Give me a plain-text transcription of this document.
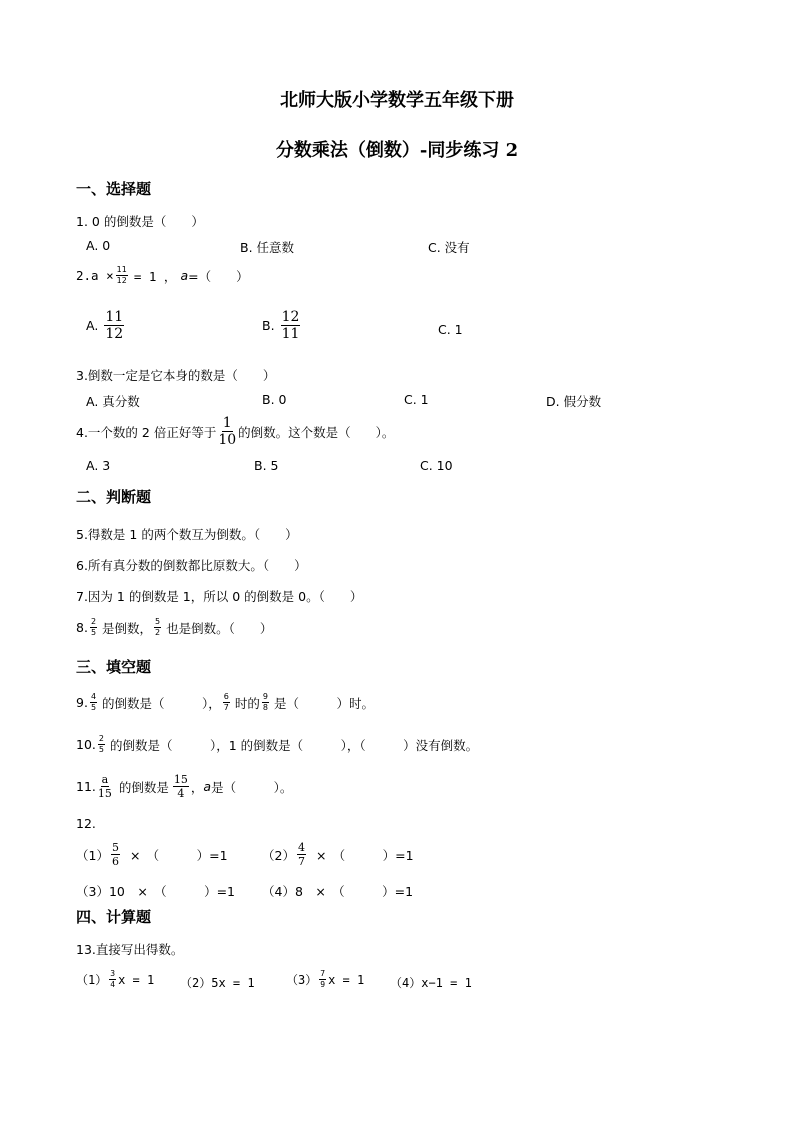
北师大版小学数学五年级下册
分数乘法（倒数）-同步练习 2
一、选择题
1. 0 的倒数是（　　）
A. 0	B. 任意数	C. 没有
$2.a \times \frac{11}{12} = 1$ ， a =（　　）
A. $\frac{11}{12}$	B. $\frac{12}{11}$	C. 1
3.倒数一定是它本身的数是（　　）
A. 真分数	B. 0	C. 1	D. 假分数
4.一个数的 2 倍正好等于 $\frac{1}{10}$ 的倒数。这个数是（　　）。
A. 3	B. 5	C. 10
二、判断题
5.得数是 1 的两个数互为倒数。（　　）
6.所有真分数的倒数都比原数大。（　　）
7.因为 1 的倒数是 1，所以 0 的倒数是 0。（　　）
8. $\frac{2}{5}$ 是倒数， $\frac{5}{2}$ 也是倒数。（　　）
三、填空题
9. $\frac{4}{5}$ 的倒数是（　　　）， $\frac{6}{7}$ 时的 $\frac{9}{8}$ 是（　　　）时。
10. $\frac{2}{5}$ 的倒数是（　　　），1 的倒数是（　　　），（　　　）没有倒数。
11. $\frac{a}{15}$ 的倒数是 $\frac{15}{4}$ ， a 是（　　　）。
12.
$(1) \frac{5}{6}$ ×　（　　　）=1	$(2) \frac{4}{7}$ ×　（　　　）=1
（3）10　×　（　　　）=1 （4）8　×　（　　　）=1
四、计算题
13.直接写出得数。
$(1) \frac{3}{4}$ x = 1 （2）5x = 1	$(3) \frac{7}{9}$ x = 1 （4）x−1 = 1
